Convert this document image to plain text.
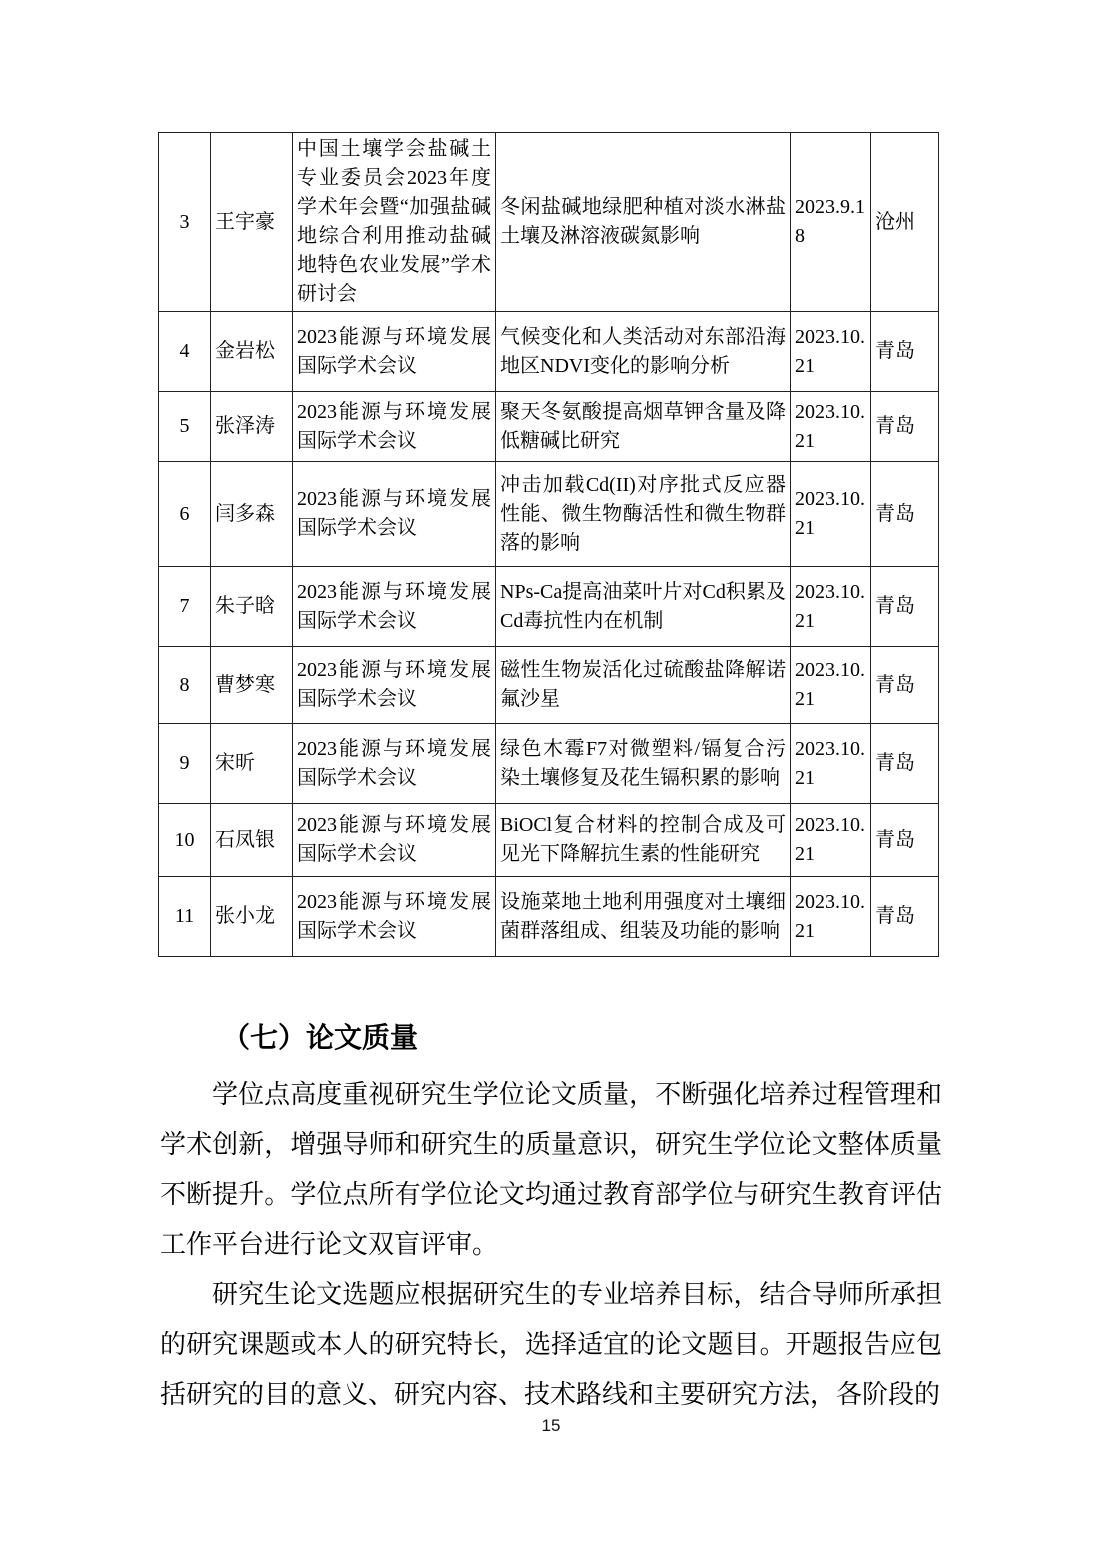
3	王宇豪	中国土壤学会盐碱土专业委员会2023年度学术年会暨“加强盐碱地综合利用推动盐碱地特色农业发展”学术研讨会	冬闲盐碱地绿肥种植对淡水淋盐土壤及淋溶液碳氮影响	2023.9.18	沧州
4	金岩松	2023能源与环境发展国际学术会议	气候变化和人类活动对东部沿海地区NDVI变化的影响分析	2023.10.21	青岛
5	张泽涛	2023能源与环境发展国际学术会议	聚天冬氨酸提高烟草钾含量及降低糖碱比研究	2023.10.21	青岛
6	闫多森	2023能源与环境发展国际学术会议	冲击加载Cd(II)对序批式反应器性能、微生物酶活性和微生物群落的影响	2023.10.21	青岛
7	朱子晗	2023能源与环境发展国际学术会议	NPs-Ca提高油菜叶片对Cd积累及Cd毒抗性内在机制	2023.10.21	青岛
8	曹梦寒	2023能源与环境发展国际学术会议	磁性生物炭活化过硫酸盐降解诺氟沙星	2023.10.21	青岛
9	宋昕	2023能源与环境发展国际学术会议	绿色木霉F7对微塑料/镉复合污染土壤修复及花生镉积累的影响	2023.10.21	青岛
10	石凤银	2023能源与环境发展国际学术会议	BiOCl复合材料的控制合成及可见光下降解抗生素的性能研究	2023.10.21	青岛
11	张小龙	2023能源与环境发展国际学术会议	设施菜地土地利用强度对土壤细菌群落组成、组装及功能的影响	2023.10.21	青岛
（七）论文质量

学位点高度重视研究生学位论文质量，不断强化培养过程管理和学术创新，增强导师和研究生的质量意识，研究生学位论文整体质量不断提升。学位点所有学位论文均通过教育部学位与研究生教育评估工作平台进行论文双盲评审。

研究生论文选题应根据研究生的专业培养目标，结合导师所承担的研究课题或本人的研究特长，选择适宜的论文题目。开题报告应包括研究的目的意义、研究内容、技术路线和主要研究方法，各阶段的

15
